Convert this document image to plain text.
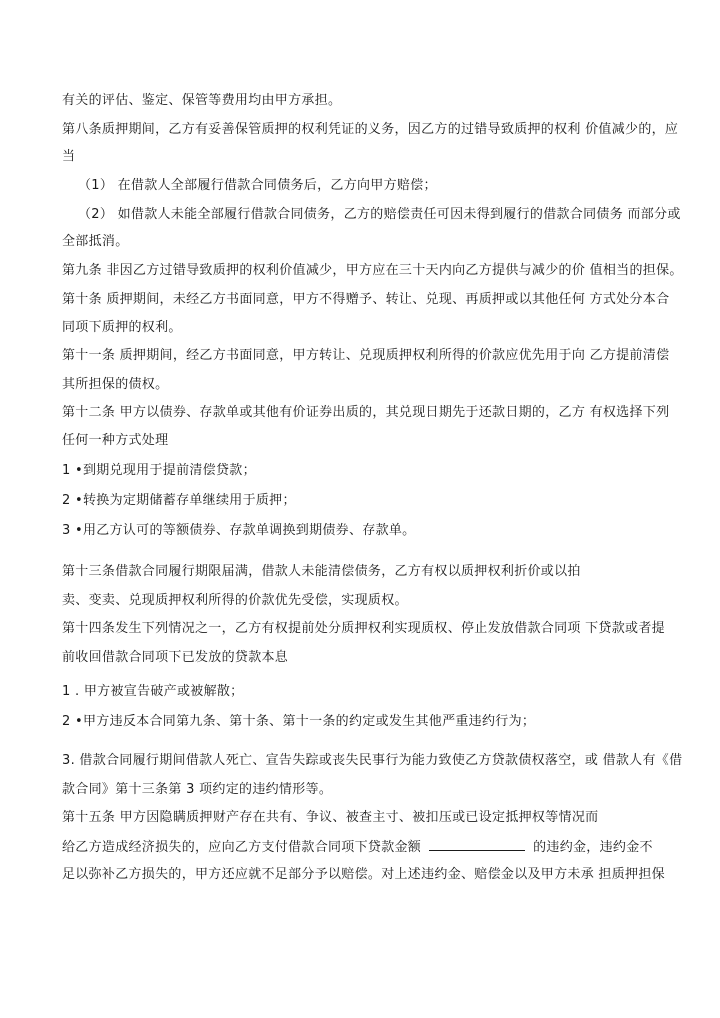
有关的评估、鉴定、保管等费用均由甲方承担。
第八条质押期间，乙方有妥善保管质押的权利凭证的义务，因乙方的过错导致质押的权利 价值减少的，应
当
（1） 在借款人全部履行借款合同债务后，乙方向甲方赔偿；
（2） 如借款人未能全部履行借款合同债务，乙方的赔偿责任可因未得到履行的借款合同债务 而部分或
全部抵消。
第九条 非因乙方过错导致质押的权利价值减少，甲方应在三十天内向乙方提供与减少的价 值相当的担保。
第十条 质押期间，未经乙方书面同意，甲方不得赠予、转让、兑现、再质押或以其他任何 方式处分本合
同项下质押的权利。
第十一条 质押期间，经乙方书面同意，甲方转让、兑现质押权利所得的价款应优先用于向 乙方提前清偿
其所担保的债权。
第十二条 甲方以债券、存款单或其他有价证券出质的，其兑现日期先于还款日期的，乙方 有权选择下列
任何一种方式处理
1 •到期兑现用于提前清偿贷款；
2 •转换为定期储蓄存单继续用于质押；
3 •用乙方认可的等额债券、存款单调换到期债券、存款单。
第十三条借款合同履行期限届满，借款人未能清偿债务，乙方有权以质押权利折价或以拍
卖、变卖、兑现质押权利所得的价款优先受偿，实现质权。
第十四条发生下列情况之一，乙方有权提前处分质押权利实现质权、停止发放借款合同项 下贷款或者提
前收回借款合同项下已发放的贷款本息
1 . 甲方被宣告破产或被解散；
2 •甲方违反本合同第九条、第十条、第十一条的约定或发生其他严重违约行为；
3. 借款合同履行期间借款人死亡、宣告失踪或丧失民事行为能力致使乙方贷款债权落空，或 借款人有《借
款合同》第十三条第 3 项约定的违约情形等。
第十五条 甲方因隐瞒质押财产存在共有、争议、被查主寸、被扣压或已设定抵押权等情况而
给乙方造成经济损失的，应向乙方支付借款合同项下贷款金额	的违约金，违约金不
足以弥补乙方损失的，甲方还应就不足部分予以赔偿。对上述违约金、赔偿金以及甲方未承 担质押担保
